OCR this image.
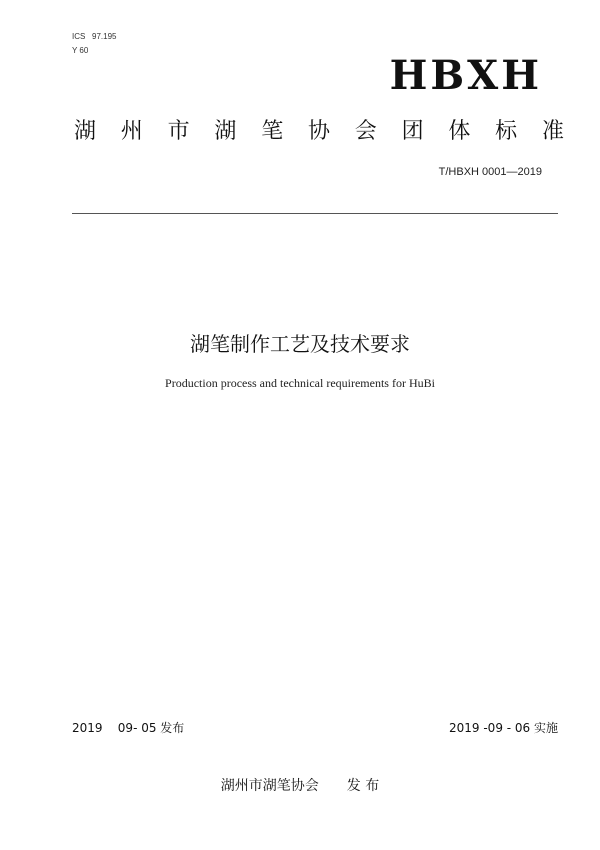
ICS   97.195
Y 60
HBXH
湖 州 市 湖 笔 协 会 团 体 标 准
T/HBXH 0001—2019
湖笔制作工艺及技术要求
Production process and technical requirements for HuBi
2019    09- 05 发布	2019 -09 - 06 实施
湖州市湖笔协会 发 布
